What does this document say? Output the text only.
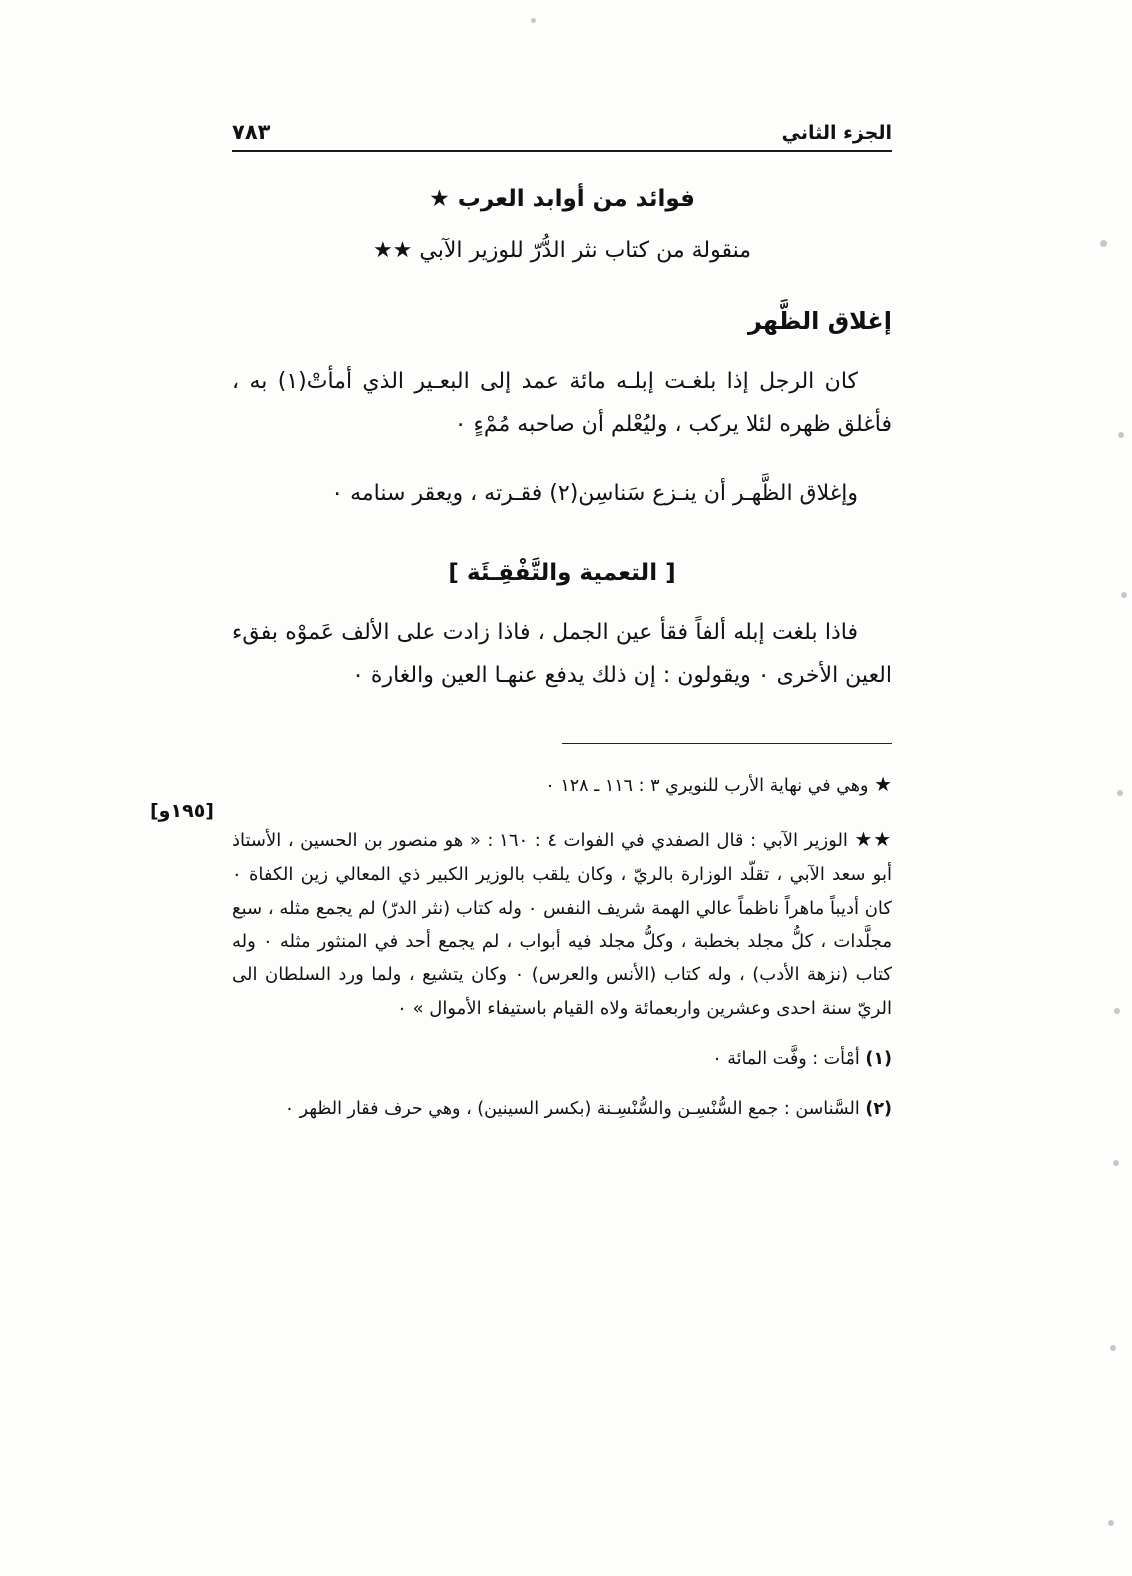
٧٨٣	الجزء الثاني
فوائد من أوابد العرب ★
منقولة من كتاب نثر الدُّرّ للوزير الآبي ★★
إغلاق الظَّهر

كان الرجل إذا بلغـت إبلـه مائة عمد إلى البعـير الذي أمأتْ(١) به ، فأغلق ظهره لئلا يركب ، وليُعْلم أن صاحبه مُمْءٍ ٠

وإغلاق الظَّهـر أن ينـزع سَناسِن(٢) فقـرته ، ويعقر سنامه ٠

[ التعمية والتَّفْقِـئَة ]

فاذا بلغت إبله ألفاً فقأ عين الجمل ، فاذا زادت على الألف عَموْه بفقء العين الأخرى ٠ ويقولون : إن ذلك يدفع عنهـا العين والغارة ٠

★ وهي في نهاية الأرب للنويري ٣ : ١١٦ ـ ١٢٨ ٠

★★ الوزير الآبي : قال الصفدي في الفوات ٤ : ١٦٠ : « هو منصور بن الحسين ، الأستاذ أبو سعد الآبي ، تقلّد الوزارة بالريّ ، وكان يلقب بالوزير الكبير ذي المعالي زين الكفاة ٠ كان أديباً ماهراً ناظماً عالي الهمة شريف النفس ٠ وله كتاب (نثر الدرّ) لم يجمع مثله ، سبع مجلَّدات ، كلُّ مجلد بخطبة ، وكلُّ مجلد فيه أبواب ، لم يجمع أحد في المنثور مثله ٠ وله كتاب (نزهة الأدب) ، وله كتاب (الأنس والعرس) ٠ وكان يتشيع ، ولما ورد السلطان الى الريّ سنة احدى وعشرين واربعمائة ولاه القيام باستيفاء الأموال » ٠

(١) أمْأت : وفَّت المائة ٠

(٢) السَّناسن : جمع السُّنْسِـن والسُّنْسِـنة (بكسر السينين) ، وهي حرف فقار الظهر ٠

[١٩٥و]
